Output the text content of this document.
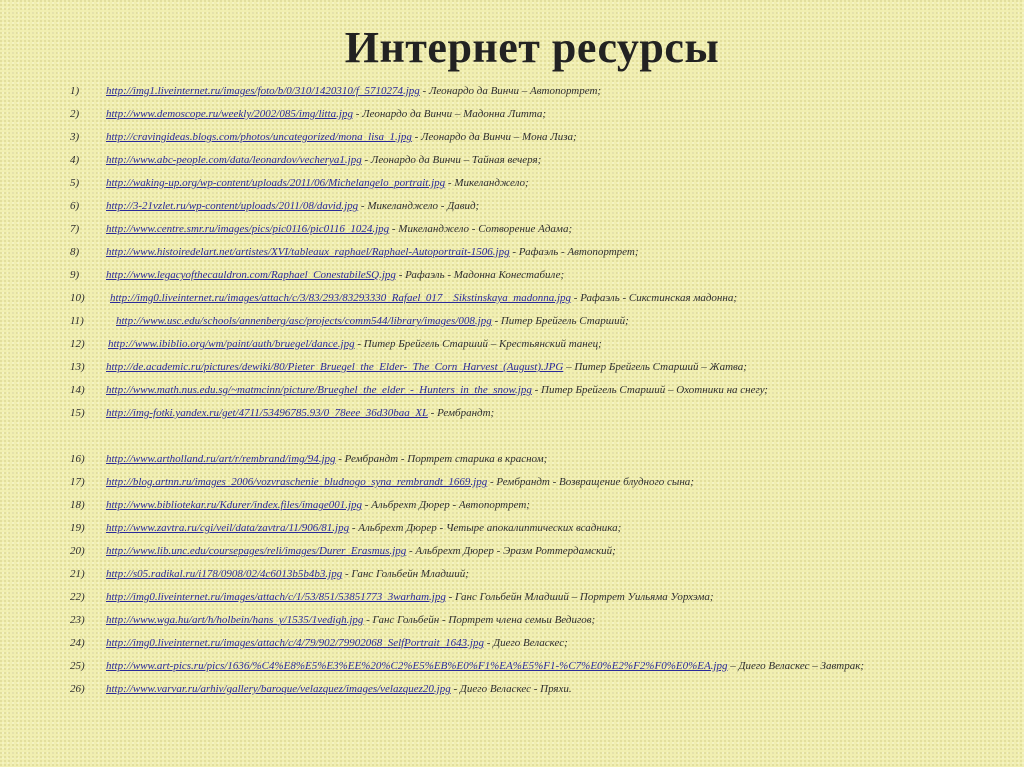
Интернет ресурсы
1)	http://img1.liveinternet.ru/images/foto/b/0/310/1420310/f_5710274.jpg - Леонардо да Винчи – Автопортрет;
2)	http://www.demoscope.ru/weekly/2002/085/img/litta.jpg - Леонардо да Винчи – Мадонна Литта;
3)	http://cravingideas.blogs.com/photos/uncategorized/mona_lisa_1.jpg - Леонардо да Винчи – Мона Лиза;
4)	http://www.abc-people.com/data/leonardov/vecherya1.jpg - Леонардо да Винчи – Тайная вечеря;
5)	http://waking-up.org/wp-content/uploads/2011/06/Michelangelo_portrait.jpg - Микеланджело;
6)	http://3-21vzlet.ru/wp-content/uploads/2011/08/david.jpg - Микеланджело - Давид;
7)	http://www.centre.smr.ru/images/pics/pic0116/pic0116_1024.jpg - Микеланджело - Сотворение Адама;
8)	http://www.histoiredelart.net/artistes/XVI/tableaux_raphael/Raphael-Autoportrait-1506.jpg - Рафаэль - Автопортрет;
9)	http://www.legacyofthecauldron.com/Raphael_ConestabileSQ.jpg - Рафаэль - Мадонна Конестабиле;
10)	http://img0.liveinternet.ru/images/attach/c/3/83/293/83293330_Rafael_017__Sikstinskaya_madonna.jpg - Рафаэль - Сикстинская мадонна;
11)	http://www.usc.edu/schools/annenberg/asc/projects/comm544/library/images/008.jpg - Питер Брейгель Старший;
12)	http://www.ibiblio.org/wm/paint/auth/bruegel/dance.jpg - Питер Брейгель Старший – Крестьянский танец;
13)	http://de.academic.ru/pictures/dewiki/80/Pieter_Bruegel_the_Elder-_The_Corn_Harvest_(August).JPG – Питер Брейгель Старший – Жатва;
14)	http://www.math.nus.edu.sg/~matmcinn/picture/Brueghel_the_elder_-_Hunters_in_the_snow.jpg - Питер Брейгель Старший – Охотники на снегу;
15)	http://img-fotki.yandex.ru/get/4711/53496785.93/0_78eee_36d30baa_XL - Рембрандт;
16)	http://www.artholland.ru/art/r/rembrand/img/94.jpg - Рембрандт - Портрет старика в красном;
17)	http://blog.artnn.ru/images_2006/vozvraschenie_bludnogo_syna_rembrandt_1669.jpg - Рембрандт - Возвращение блудного сына;
18)	http://www.bibliotekar.ru/Kdurer/index.files/image001.jpg - Альбрехт Дюрер - Автопортрет;
19)	http://www.zavtra.ru/cgi/veil/data/zavtra/11/906/81.jpg - Альбрехт Дюрер - Четыре апокалиптических всадника;
20)	http://www.lib.unc.edu/coursepages/reli/images/Durer_Erasmus.jpg - Альбрехт Дюрер - Эразм Роттердамский;
21)	http://s05.radikal.ru/i178/0908/02/4c6013b5b4b3.jpg - Ганс Гольбейн Младший;
22)	http://img0.liveinternet.ru/images/attach/c/1/53/851/53851773_3warham.jpg - Ганс Гольбейн Младший – Портрет Уильяма Уорхэма;
23)	http://www.wga.hu/art/h/holbein/hans_y/1535/1vedigh.jpg - Ганс Гольбейн - Портрет члена семьи Ведигов;
24)	http://img0.liveinternet.ru/images/attach/c/4/79/902/79902068_SelfPortrait_1643.jpg - Диего Веласкес;
25)	http://www.art-pics.ru/pics/1636/%C4%E8%E5%E3%EE%20%C2%E5%EB%E0%F1%EA%E5%F1-%C7%E0%E2%F2%F0%E0%EA.jpg – Диего Веласкес – Завтрак;
26)	http://www.varvar.ru/arhiv/gallery/baroque/velazquez/images/velazquez20.jpg - Диего Веласкес - Пряхи.
